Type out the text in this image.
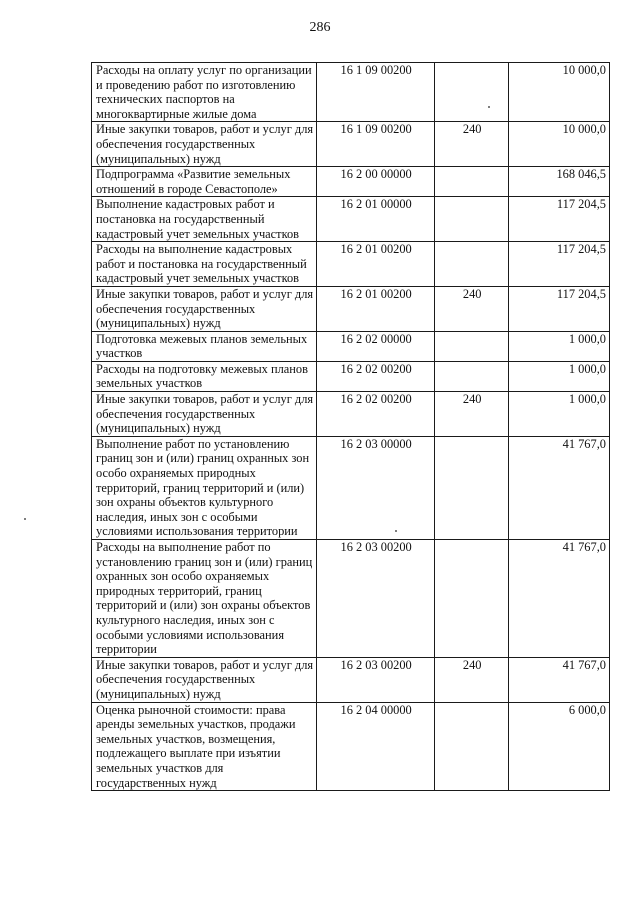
286
Расходы на оплату услуг по организации и проведению работ по изготовлению технических паспортов на многоквартирные жилые дома	16 1 09 00200		10 000,0
Иные закупки товаров, работ и услуг для обеспечения государственных (муниципальных) нужд	16 1 09 00200	240	10 000,0
Подпрограмма «Развитие земельных отношений в городе Севастополе»	16 2 00 00000		168 046,5
Выполнение кадастровых работ и постановка на государственный кадастровый учет земельных участков	16 2 01 00000		117 204,5
Расходы на выполнение кадастровых работ и постановка на государственный кадастровый учет земельных участков	16 2 01 00200		117 204,5
Иные закупки товаров, работ и услуг для обеспечения государственных (муниципальных) нужд	16 2 01 00200	240	117 204,5
Подготовка межевых планов земельных участков	16 2 02 00000		1 000,0
Расходы на подготовку межевых планов земельных участков	16 2 02 00200		1 000,0
Иные закупки товаров, работ и услуг для обеспечения государственных (муниципальных) нужд	16 2 02 00200	240	1 000,0
Выполнение работ по установлению границ зон и (или) границ охранных зон особо охраняемых природных территорий, границ территорий и (или) зон охраны объектов культурного наследия, иных зон с особыми условиями использования территории	16 2 03 00000		41 767,0
Расходы на выполнение работ по установлению границ зон и (или) границ охранных зон особо охраняемых природных территорий, границ территорий и (или) зон охраны объектов культурного наследия, иных зон с особыми условиями использования территории	16 2 03 00200		41 767,0
Иные закупки товаров, работ и услуг для обеспечения государственных (муниципальных) нужд	16 2 03 00200	240	41 767,0
Оценка рыночной стоимости: права аренды земельных участков, продажи земельных участков, возмещения, подлежащего выплате при изъятии земельных участков для государственных нужд	16 2 04 00000		6 000,0
